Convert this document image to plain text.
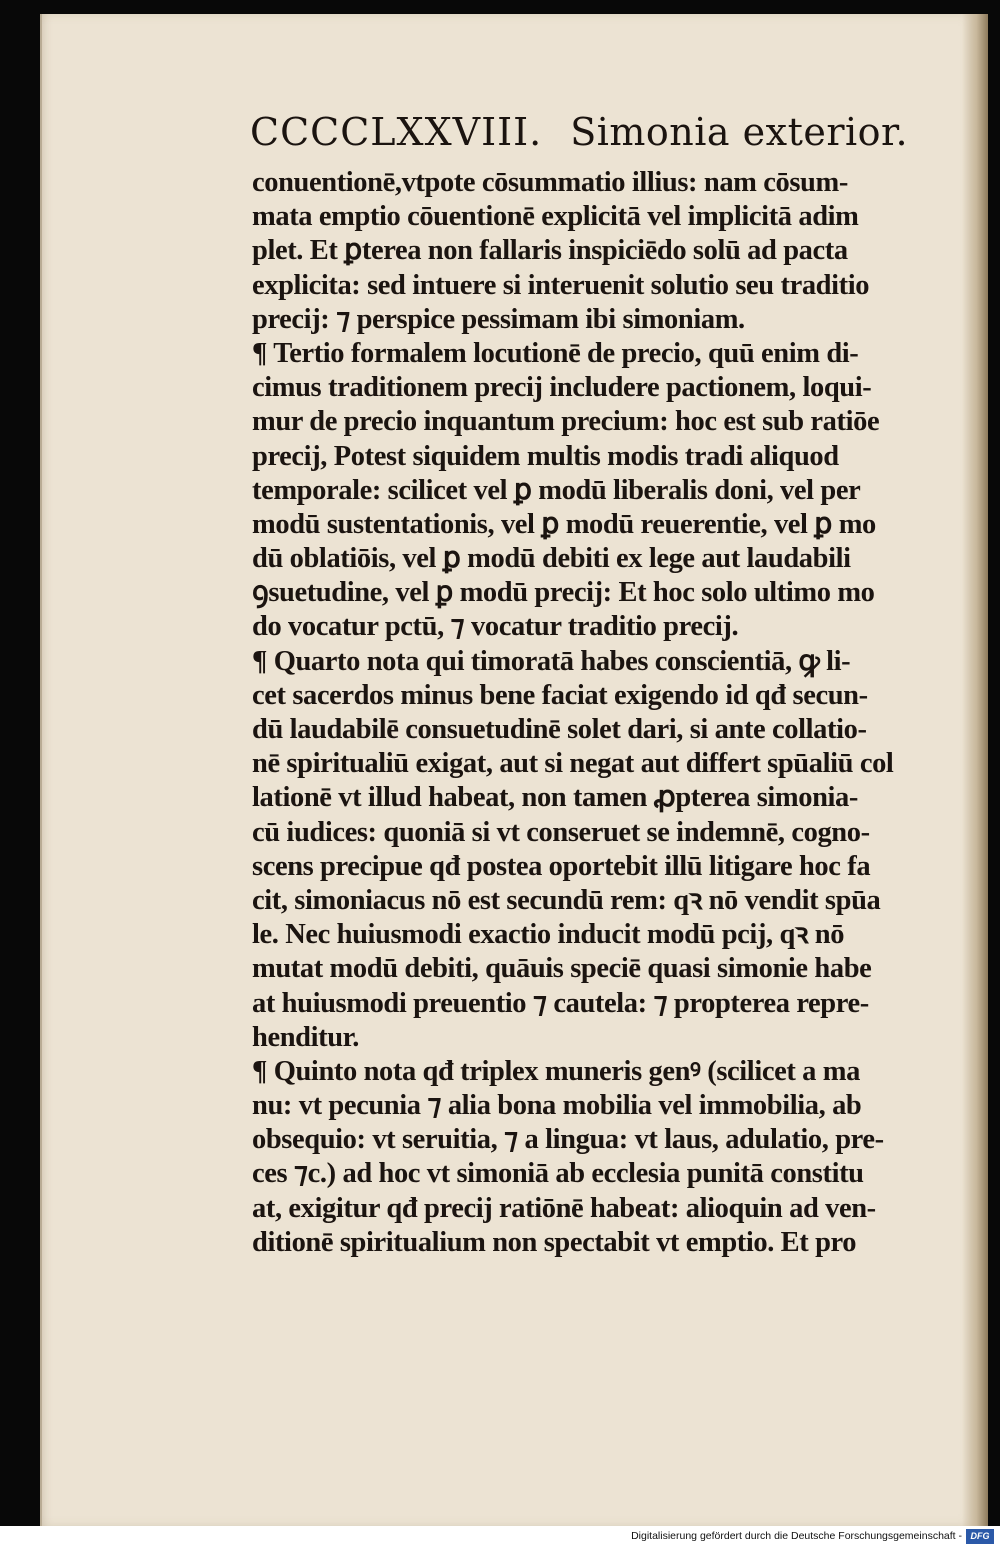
CCCCLXXVIII. Simonia exterior.
conuentionē,vtpote cōsummatio illius: nam cōsum-
mata emptio cōuentionē explicitā vel implicitā adim
plet. Et ꝑterea non fallaris inspiciēdo solū ad pacta
explicita: sed intuere si interuenit solutio seu traditio
precij: ⁊ perspice pessimam ibi simoniam.
¶ Tertio formalem locutionē de precio, quū enim di-
cimus traditionem precij includere pactionem, loqui-
mur de precio inquantum precium: hoc est sub ratiōe
precij, Potest siquidem multis modis tradi aliquod
temporale: scilicet vel ꝑ modū liberalis doni, vel per
modū sustentationis, vel ꝑ modū reuerentie, vel ꝑ mo
dū oblatiōis, vel ꝑ modū debiti ex lege aut laudabili
ꝯsuetudine, vel ꝑ modū precij: Et hoc solo ultimo mo
do vocatur pctū, ⁊ vocatur traditio precij.
¶ Quarto nota qui timoratā habes conscientiā, ꝙ li-
cet sacerdos minus bene faciat exigendo id qđ secun-
dū laudabilē consuetudinē solet dari, si ante collatio-
nē spiritualiū exigat, aut si negat aut differt spūaliū col
lationē vt illud habeat, non tamen ꝓpterea simonia-
cū iudices: quoniā si vt conseruet se indemnē, cogno-
scens precipue qđ postea oportebit illū litigare hoc fa
cit, simoniacus nō est secundū rem: qꝛ nō vendit spūa
le. Nec huiusmodi exactio inducit modū pcij, qꝛ nō
mutat modū debiti, quāuis speciē quasi simonie habe
at huiusmodi preuentio ⁊ cautela: ⁊ propterea repre-
henditur.
¶ Quinto nota qđ triplex muneris genꝰ (scilicet a ma
nu: vt pecunia ⁊ alia bona mobilia vel immobilia, ab
obsequio: vt seruitia, ⁊ a lingua: vt laus, adulatio, pre-
ces ⁊c.) ad hoc vt simoniā ab ecclesia punitā constitu
at, exigitur qđ precij ratiōnē habeat: alioquin ad ven-
ditionē spiritualium non spectabit vt emptio. Et pro
Digitalisierung gefördert durch die Deutsche Forschungsgemeinschaft - DFG
